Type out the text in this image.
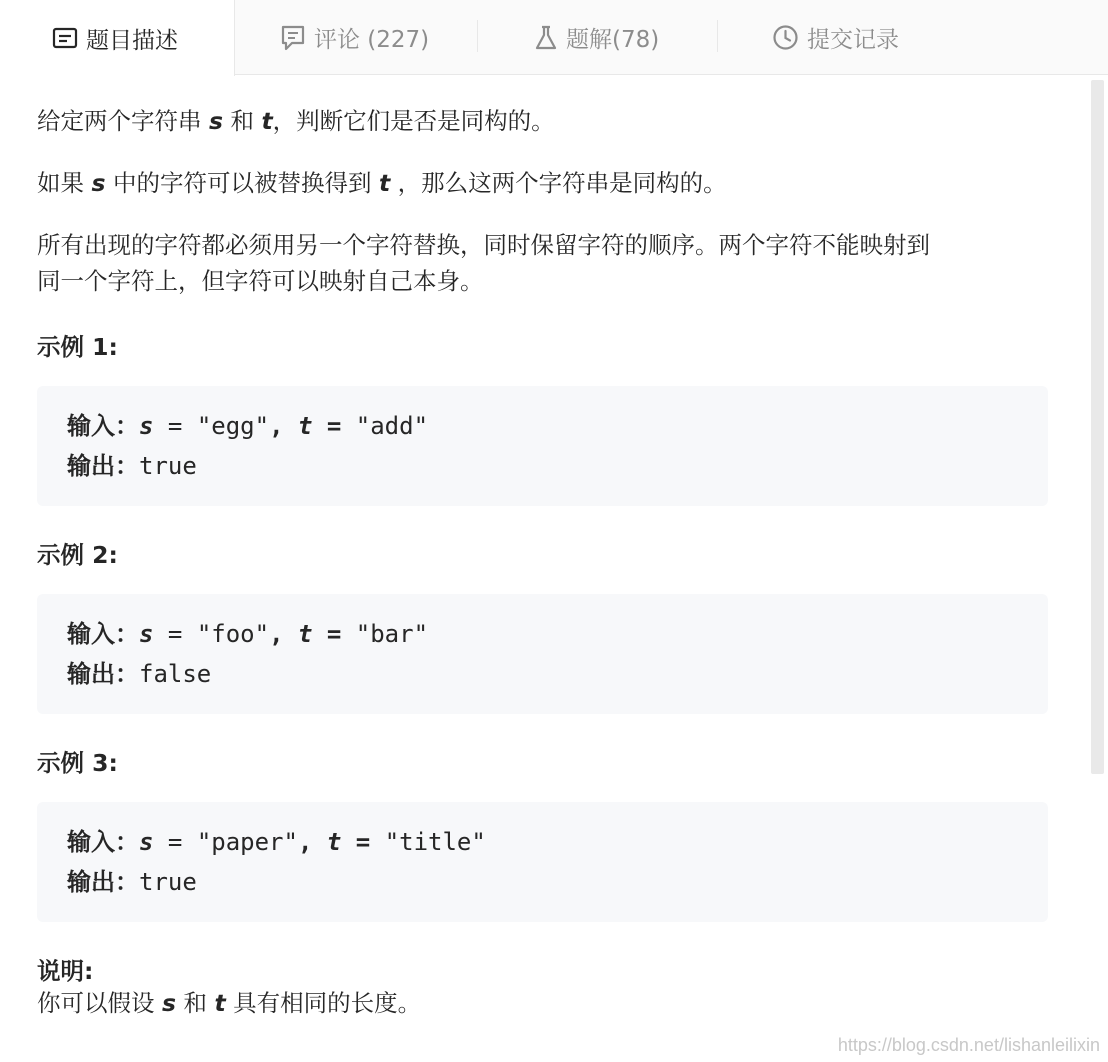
题目描述	评论 (227)	题解(78)	提交记录
给定两个字符串 s 和 t，判断它们是否是同构的。
如果 s 中的字符可以被替换得到 t ，那么这两个字符串是同构的。
所有出现的字符都必须用另一个字符替换，同时保留字符的顺序。两个字符不能映射到
同一个字符上，但字符可以映射自己本身。
示例 1:
输入：s = "egg", t = "add"
输出：true
示例 2:
输入：s = "foo", t = "bar"
输出：false
示例 3:
输入：s = "paper", t = "title"
输出：true
说明:
你可以假设 s 和 t 具有相同的长度。
https://blog.csdn.net/lishanleilixin
